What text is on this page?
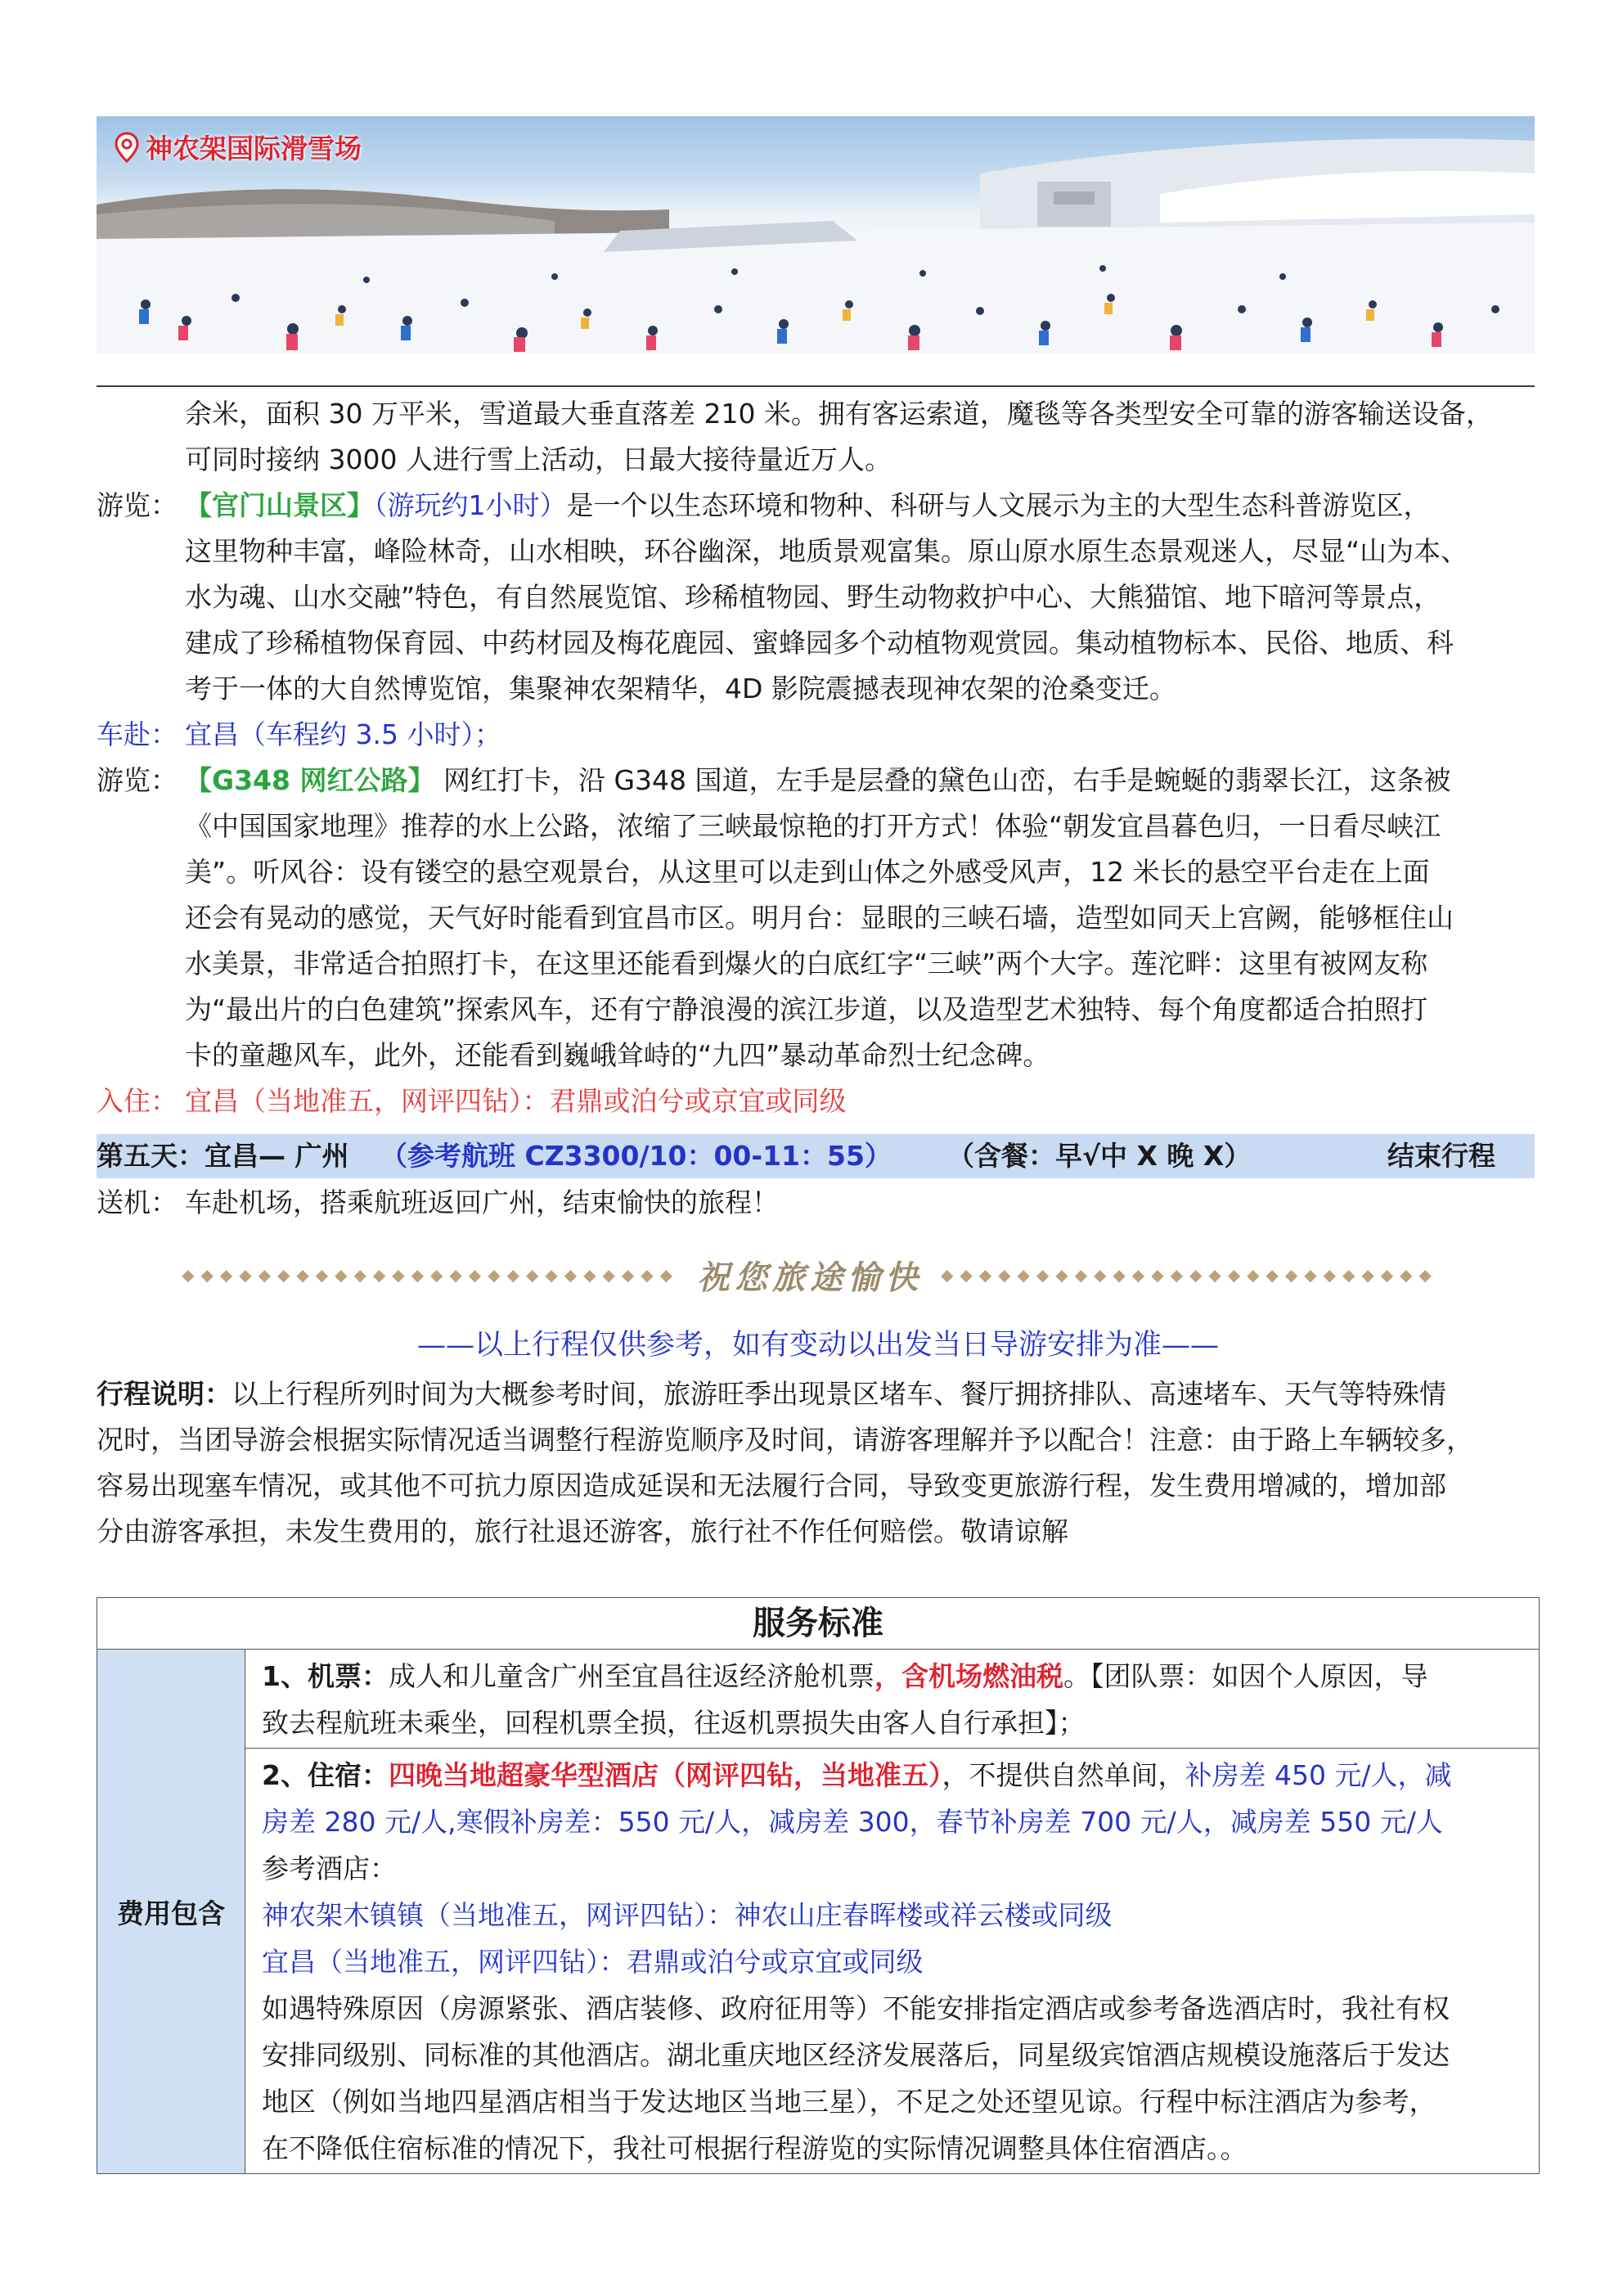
神农架国际滑雪场
余米，面积 30 万平米，雪道最大垂直落差 210 米。拥有客运索道，魔毯等各类型安全可靠的游客输送设备，
可同时接纳 3000 人进行雪上活动，日最大接待量近万人。
游览： 【官门山景区】（游玩约1小时）是一个以生态环境和物种、科研与人文展示为主的大型生态科普游览区，
这里物种丰富，峰险林奇，山水相映，环谷幽深，地质景观富集。原山原水原生态景观迷人，尽显“山为本、
水为魂、山水交融”特色，有自然展览馆、珍稀植物园、野生动物救护中心、大熊猫馆、地下暗河等景点，
建成了珍稀植物保育园、中药材园及梅花鹿园、蜜蜂园多个动植物观赏园。集动植物标本、民俗、地质、科
考于一体的大自然博览馆，集聚神农架精华，4D 影院震撼表现神农架的沧桑变迁。
车赴： 宜昌（车程约 3.5 小时）；
游览： 【G348 网红公路】 网红打卡，沿 G348 国道，左手是层叠的黛色山峦，右手是蜿蜒的翡翠长江，这条被
《中国国家地理》推荐的水上公路，浓缩了三峡最惊艳的打开方式！体验“朝发宜昌暮色归，一日看尽峡江
美”。听风谷：设有镂空的悬空观景台，从这里可以走到山体之外感受风声，12 米长的悬空平台走在上面
还会有晃动的感觉，天气好时能看到宜昌市区。明月台：显眼的三峡石墙，造型如同天上宫阙，能够框住山
水美景，非常适合拍照打卡，在这里还能看到爆火的白底红字“三峡”两个大字。莲沱畔：这里有被网友称
为“最出片的白色建筑”探索风车，还有宁静浪漫的滨江步道，以及造型艺术独特、每个角度都适合拍照打
卡的童趣风车，此外，还能看到巍峨耸峙的“九四”暴动革命烈士纪念碑。
入住： 宜昌（当地准五，网评四钻）：君鼎或泊兮或京宜或同级
第五天：宜昌— 广州 （参考航班 CZ3300/10：00-11：55） （含餐：早√中 X 晚 X）	结束行程
送机： 车赴机场，搭乘航班返回广州，结束愉快的旅程！
◆◆◆◆◆◆◆◆◆◆◆◆◆◆◆◆◆◆◆◆◆◆◆◆◆◆ 祝您旅途愉快 ◆◆◆◆◆◆◆◆◆◆◆◆◆◆◆◆◆◆◆◆◆◆◆◆◆◆
——以上行程仅供参考，如有变动以出发当日导游安排为准——
行程说明：以上行程所列时间为大概参考时间，旅游旺季出现景区堵车、餐厅拥挤排队、高速堵车、天气等特殊情
况时，当团导游会根据实际情况适当调整行程游览顺序及时间，请游客理解并予以配合！注意：由于路上车辆较多，
容易出现塞车情况，或其他不可抗力原因造成延误和无法履行合同，导致变更旅游行程，发生费用增减的，增加部
分由游客承担，未发生费用的，旅行社退还游客，旅行社不作任何赔偿。敬请谅解
服务标准
费用包含	
1、机票：成人和儿童含广州至宜昌往返经济舱机票，含机场燃油税。【团队票：如因个人原因，导
致去程航班未乘坐，回程机票全损，往返机票损失由客人自行承担】；

2、住宿：四晚当地超豪华型酒店（网评四钻，当地准五），不提供自然单间，补房差 450 元/人，减
房差 280 元/人,寒假补房差：550 元/人，减房差 300，春节补房差 700 元/人，减房差 550 元/人
参考酒店：
神农架木镇镇（当地准五，网评四钻）：神农山庄春晖楼或祥云楼或同级
宜昌（当地准五，网评四钻）：君鼎或泊兮或京宜或同级
如遇特殊原因（房源紧张、酒店装修、政府征用等）不能安排指定酒店或参考备选酒店时，我社有权
安排同级别、同标准的其他酒店。湖北重庆地区经济发展落后，同星级宾馆酒店规模设施落后于发达
地区（例如当地四星酒店相当于发达地区当地三星），不足之处还望见谅。行程中标注酒店为参考，
在不降低住宿标准的情况下，我社可根据行程游览的实际情况调整具体住宿酒店。。
